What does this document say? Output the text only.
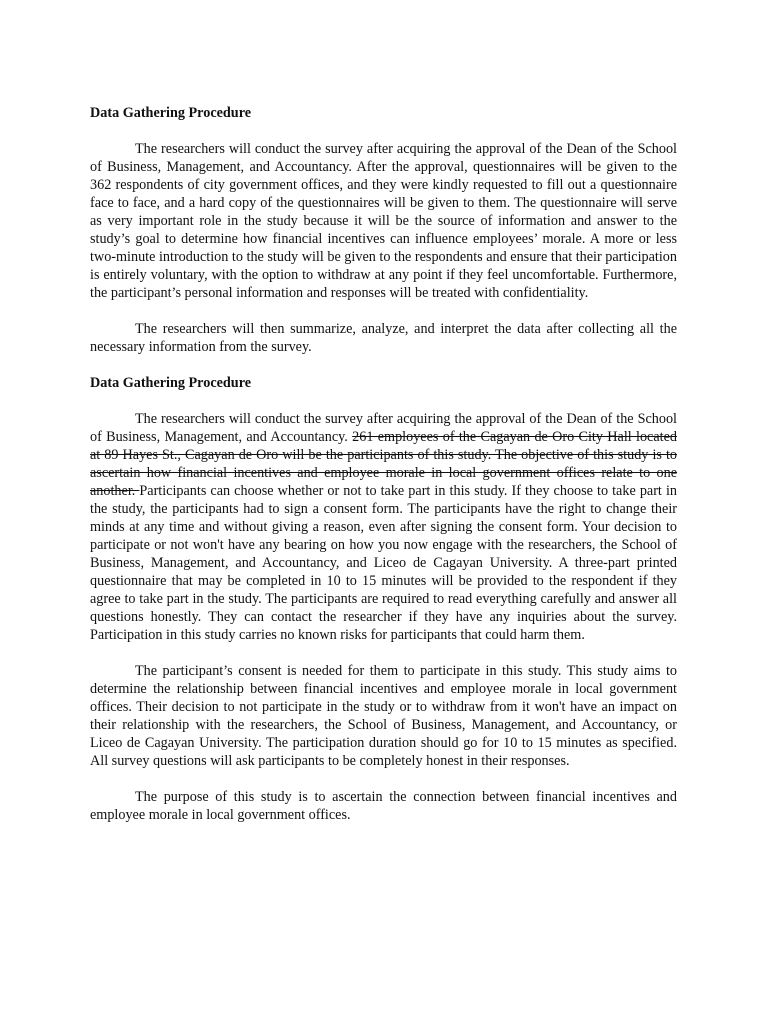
Data Gathering Procedure

The researchers will conduct the survey after acquiring the approval of the Dean of the School of Business, Management, and Accountancy. After the approval, questionnaires will be given to the 362 respondents of city government offices, and they were kindly requested to fill out a questionnaire face to face, and a hard copy of the questionnaires will be given to them. The questionnaire will serve as very important role in the study because it will be the source of information and answer to the study’s goal to determine how financial incentives can influence employees’ morale. A more or less two-minute introduction to the study will be given to the respondents and ensure that their participation is entirely voluntary, with the option to withdraw at any point if they feel uncomfortable. Furthermore, the participant’s personal information and responses will be treated with confidentiality.

The researchers will then summarize, analyze, and interpret the data after collecting all the necessary information from the survey.

Data Gathering Procedure

The researchers will conduct the survey after acquiring the approval of the Dean of the School of Business, Management, and Accountancy. 261 employees of the Cagayan de Oro City Hall located at 89 Hayes St., Cagayan de Oro will be the participants of this study. The objective of this study is to ascertain how financial incentives and employee morale in local government offices relate to one another. Participants can choose whether or not to take part in this study. If they choose to take part in the study, the participants had to sign a consent form. The participants have the right to change their minds at any time and without giving a reason, even after signing the consent form. Your decision to participate or not won't have any bearing on how you now engage with the researchers, the School of Business, Management, and Accountancy, and Liceo de Cagayan University. A three-part printed questionnaire that may be completed in 10 to 15 minutes will be provided to the respondent if they agree to take part in the study. The participants are required to read everything carefully and answer all questions honestly. They can contact the researcher if they have any inquiries about the survey. Participation in this study carries no known risks for participants that could harm them.

The participant’s consent is needed for them to participate in this study. This study aims to determine the relationship between financial incentives and employee morale in local government offices. Their decision to not participate in the study or to withdraw from it won't have an impact on their relationship with the researchers, the School of Business, Management, and Accountancy, or Liceo de Cagayan University. The participation duration should go for 10 to 15 minutes as specified. All survey questions will ask participants to be completely honest in their responses.

The purpose of this study is to ascertain the connection between financial incentives and employee morale in local government offices.
